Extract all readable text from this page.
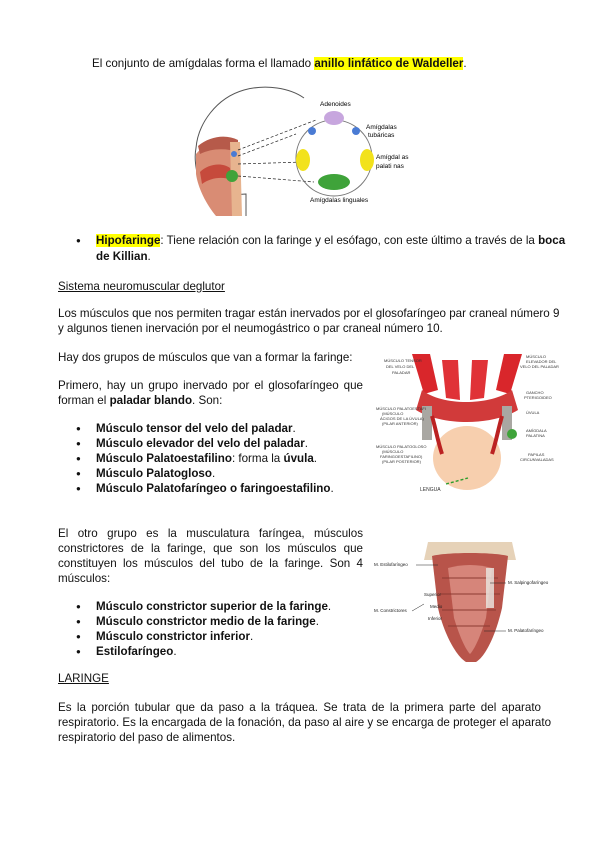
El conjunto de amígdalas forma el llamado anillo linfático de Waldeller.
Adenoides
Amígdalas
tubáricas
Amígdal as
palati nas
Amígdalas linguales
● Hipofaringe: Tiene relación con la faringe y el esófago, con este último a través de la boca
de Killian.
Sistema neuromuscular deglutor
Los músculos que nos permiten tragar están inervados por el glosofaríngeo par craneal número 9
y algunos tienen inervación por el neumogástrico o par craneal número 10.
Hay dos grupos de músculos que van a formar la faringe:
Primero, hay un grupo inervado por el glosofaríngeo que
forman el paladar blando. Son:
● Músculo tensor del velo del paladar.
● Músculo elevador del velo del paladar.
● Músculo Palatoestafilino: forma la úvula.
● Músculo Palatogloso.
● Músculo Palatofaríngeo o faringoestafilino.
MÚSCULO TENSOR
DEL VELO DEL
PALADAR
MÚSCULO PALATOESTAFI
(MÚSCULO
ÁCIGOS DE LA ÚVULA)
(PILAR ANTERIOR)
MÚSCULO PALATOGLOSO
(MÚSCULO
FARINGOESTAFILINO)
(PILAR POSTERIOR)
MÚSCULO
ELEVADOR DEL
VELO DEL PALADAR
GANCHO
PTERIGOIDEO
ÚVULA
AMÍGDALA
PALATINA
PAPILAS
CIRCUNVALADAS
LENGUA
El otro grupo es la musculatura faríngea, músculos
constrictores de la faringe, que son los músculos que
constituyen los músculos del tubo de la faringe. Son 4
músculos:
● Músculo constrictor superior de la faringe.
● Músculo constrictor medio de la faringe.
● Músculo constrictor inferior.
● Estilofaríngeo.
M. Estilofaríngeo
M. Salpingofaríngeo
M. Constrictores
Superior
Medio
Inferior
M. Palatofaríngeo
LARINGE
Es la porción tubular que da paso a la tráquea. Se trata de la primera parte del aparato
respiratorio. Es la encargada de la fonación, da paso al aire y se encarga de proteger el aparato
respiratorio del paso de alimentos.
